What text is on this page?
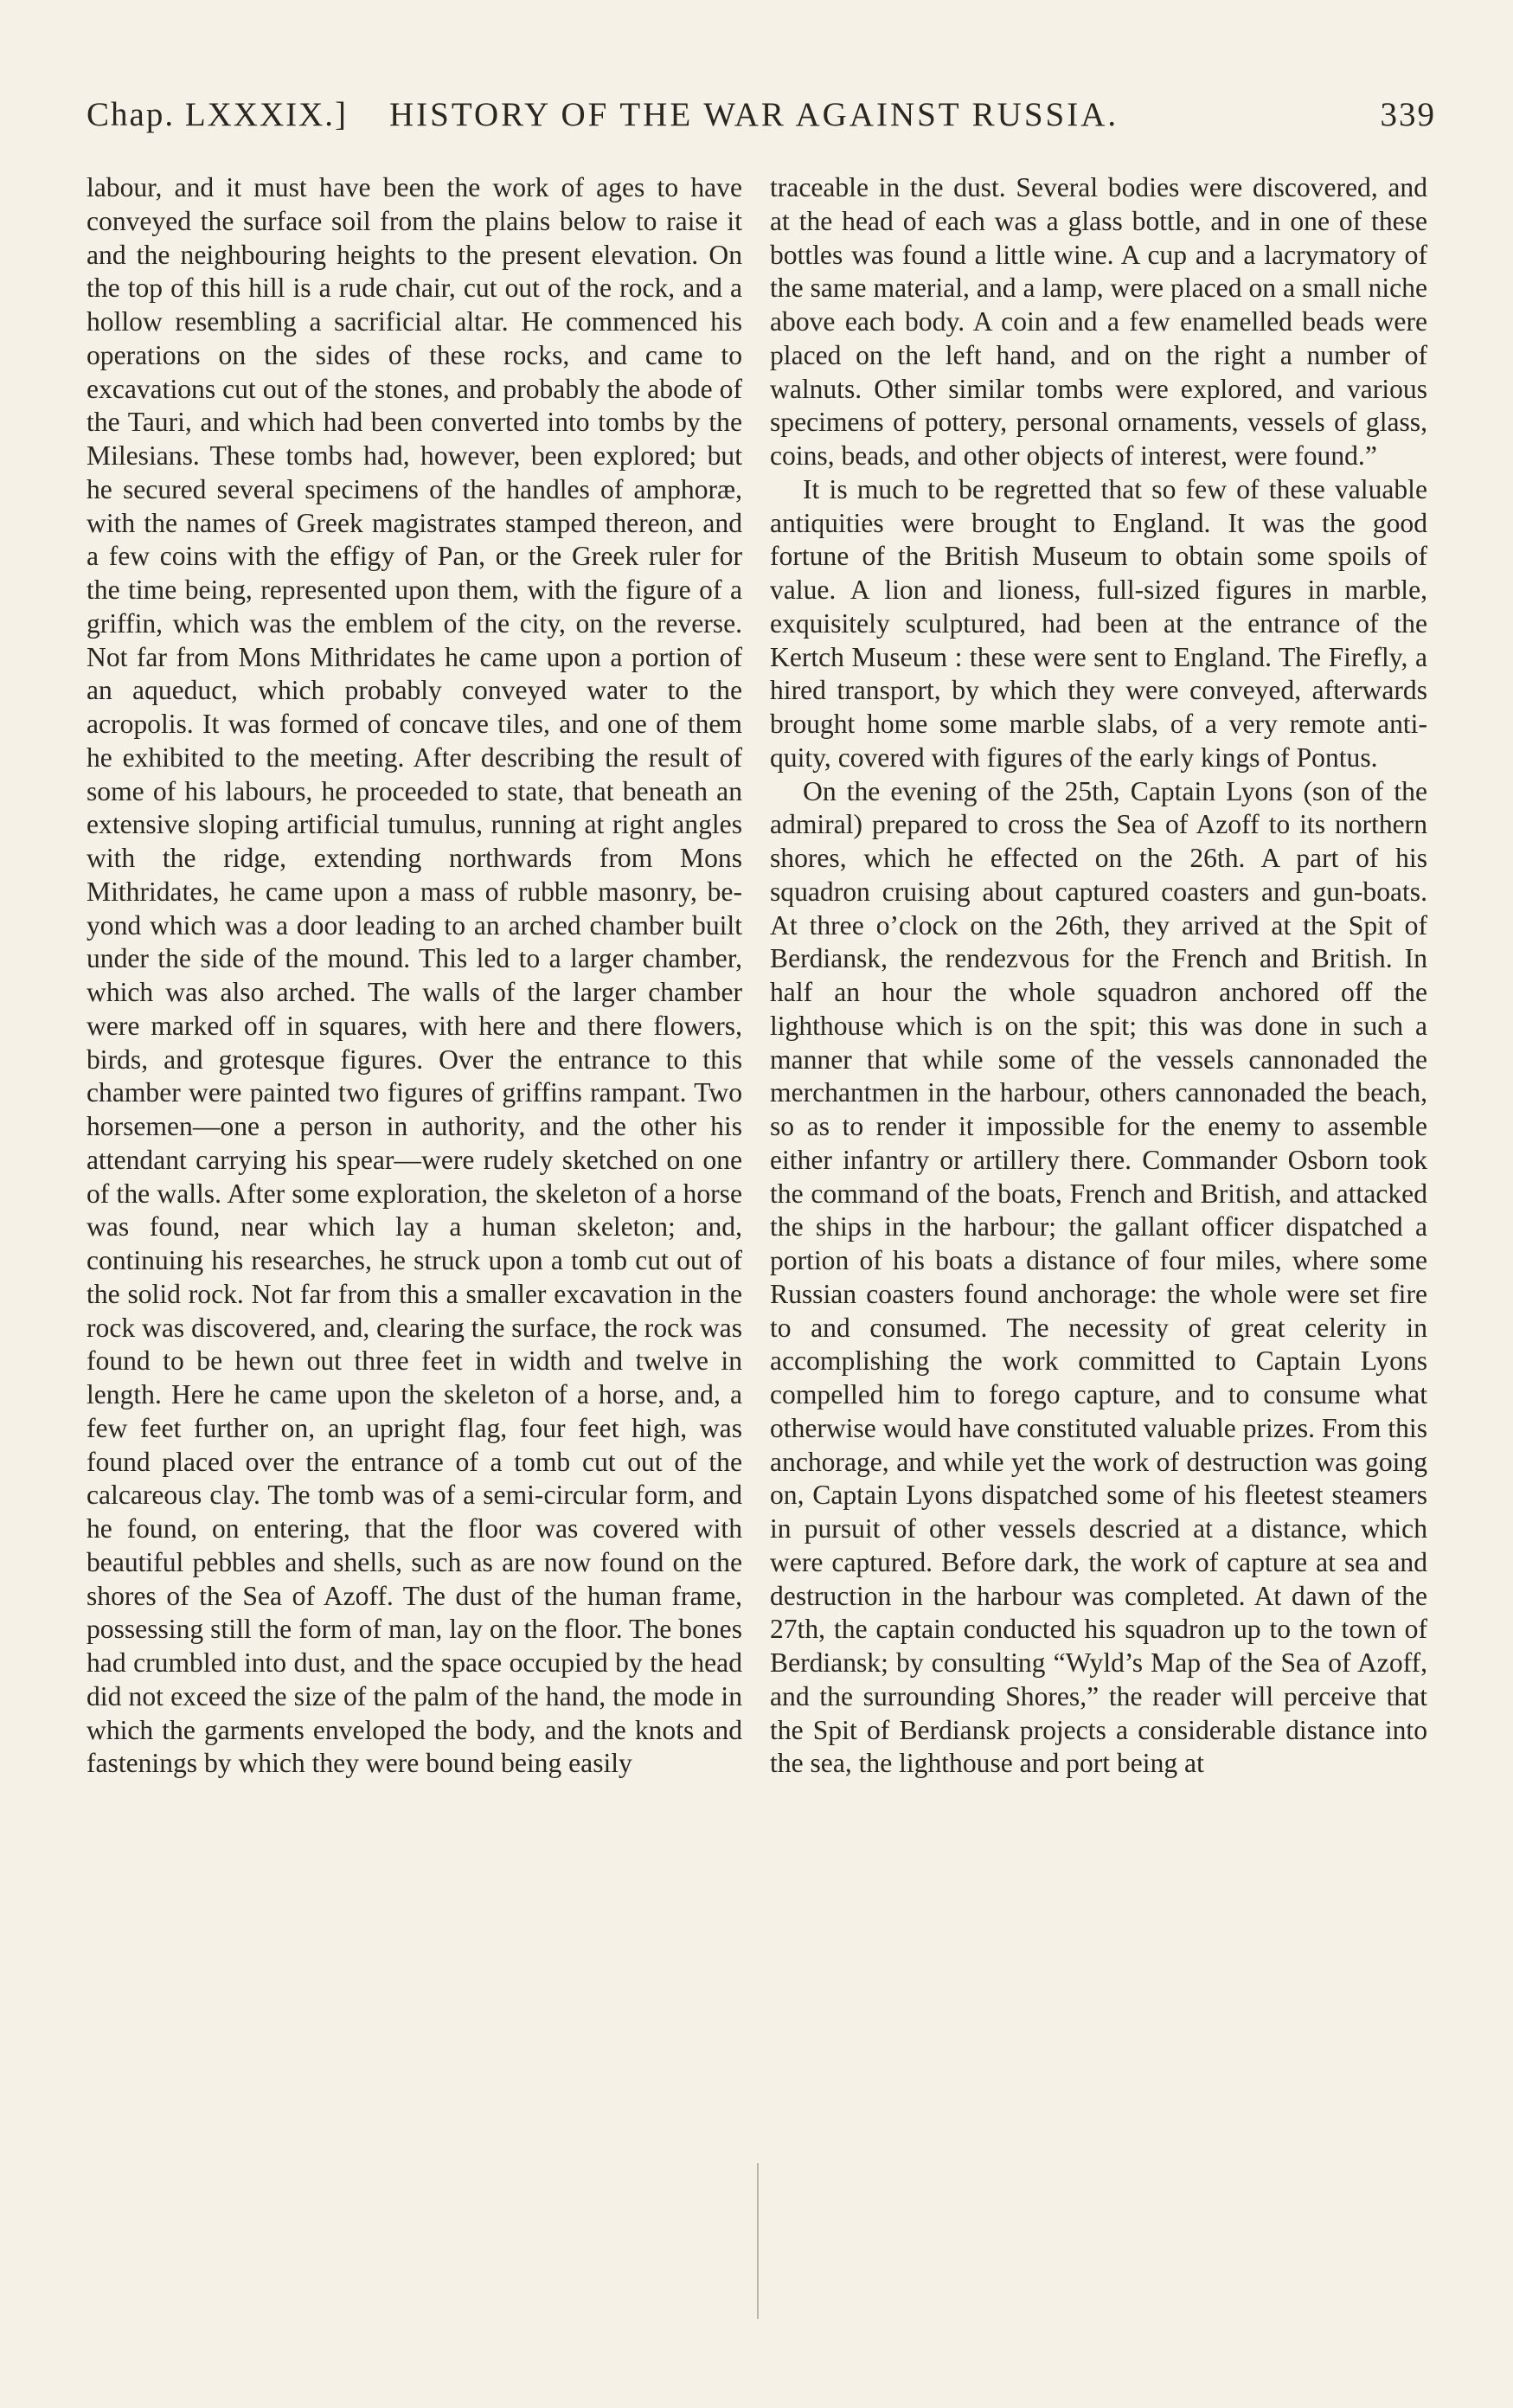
Chap. LXXXIX.] HISTORY OF THE WAR AGAINST RUSSIA.	339

labour, and it must have been the work of ages to have conveyed the surface soil from the plains below to raise it and the neighbouring heights to the present elevation. On the top of this hill is a rude chair, cut out of the rock, and a hollow resembling a sacrificial altar. He commenced his operations on the sides of these rocks, and came to excavations cut out of the stones, and probably the abode of the Tauri, and which had been converted into tombs by the Milesians. These tombs had, however, been explored; but he secured several specimens of the handles of amphoræ, with the names of Greek magistrates stamped thereon, and a few coins with the effigy of Pan, or the Greek ruler for the time being, represented upon them, with the figure of a griffin, which was the emblem of the city, on the reverse. Not far from Mons Mithridates he came upon a portion of an aqueduct, which probably conveyed water to the acropolis. It was formed of concave tiles, and one of them he exhibited to the meeting. After describing the result of some of his labours, he proceeded to state, that beneath an extensive sloping artificial tumulus, running at right angles with the ridge, extending northwards from Mons Mithridates, he came upon a mass of rubble masonry, beyond which was a door leading to an arched chamber built under the side of the mound. This led to a larger chamber, which was also arched. The walls of the larger chamber were marked off in squares, with here and there flowers, birds, and grotesque figures. Over the entrance to this chamber were painted two figures of griffins rampant. Two horsemen—one a person in authority, and the other his attendant carrying his spear—were rudely sketched on one of the walls. After some exploration, the skeleton of a horse was found, near which lay a human skeleton; and, continuing his researches, he struck upon a tomb cut out of the solid rock. Not far from this a smaller excavation in the rock was discovered, and, clearing the surface, the rock was found to be hewn out three feet in width and twelve in length. Here he came upon the skeleton of a horse, and, a few feet further on, an upright flag, four feet high, was found placed over the entrance of a tomb cut out of the calcareous clay. The tomb was of a semi-circular form, and he found, on entering, that the floor was covered with beautiful pebbles and shells, such as are now found on the shores of the Sea of Azoff. The dust of the human frame, possessing still the form of man, lay on the floor. The bones had crumbled into dust, and the space occupied by the head did not exceed the size of the palm of the hand, the mode in which the garments enveloped the body, and the knots and fastenings by which they were bound being easily

traceable in the dust. Several bodies were discovered, and at the head of each was a glass bottle, and in one of these bottles was found a little wine. A cup and a lacrymatory of the same material, and a lamp, were placed on a small niche above each body. A coin and a few enamelled beads were placed on the left hand, and on the right a number of walnuts. Other similar tombs were explored, and various specimens of pottery, personal ornaments, vessels of glass, coins, beads, and other objects of interest, were found.”

It is much to be regretted that so few of these valuable antiquities were brought to England. It was the good fortune of the British Museum to obtain some spoils of value. A lion and lioness, full-sized figures in marble, exquisitely sculptured, had been at the entrance of the Kertch Museum : these were sent to England. The Firefly, a hired transport, by which they were conveyed, afterwards brought home some marble slabs, of a very remote antiquity, covered with figures of the early kings of Pontus.

On the evening of the 25th, Captain Lyons (son of the admiral) prepared to cross the Sea of Azoff to its northern shores, which he effected on the 26th. A part of his squadron cruising about captured coasters and gun-boats. At three o’clock on the 26th, they arrived at the Spit of Berdiansk, the rendezvous for the French and British. In half an hour the whole squadron anchored off the lighthouse which is on the spit; this was done in such a manner that while some of the vessels cannonaded the merchantmen in the harbour, others cannonaded the beach, so as to render it impossible for the enemy to assemble either infantry or artillery there. Commander Osborn took the command of the boats, French and British, and attacked the ships in the harbour; the gallant officer dispatched a portion of his boats a distance of four miles, where some Russian coasters found anchorage: the whole were set fire to and consumed. The necessity of great celerity in accomplishing the work committed to Captain Lyons compelled him to forego capture, and to consume what otherwise would have constituted valuable prizes. From this anchorage, and while yet the work of destruction was going on, Captain Lyons dispatched some of his fleetest steamers in pursuit of other vessels descried at a distance, which were captured. Before dark, the work of capture at sea and destruction in the harbour was completed. At dawn of the 27th, the captain conducted his squadron up to the town of Berdiansk; by consulting “Wyld’s Map of the Sea of Azoff, and the surrounding Shores,” the reader will perceive that the Spit of Berdiansk projects a considerable distance into the sea, the lighthouse and port being at
